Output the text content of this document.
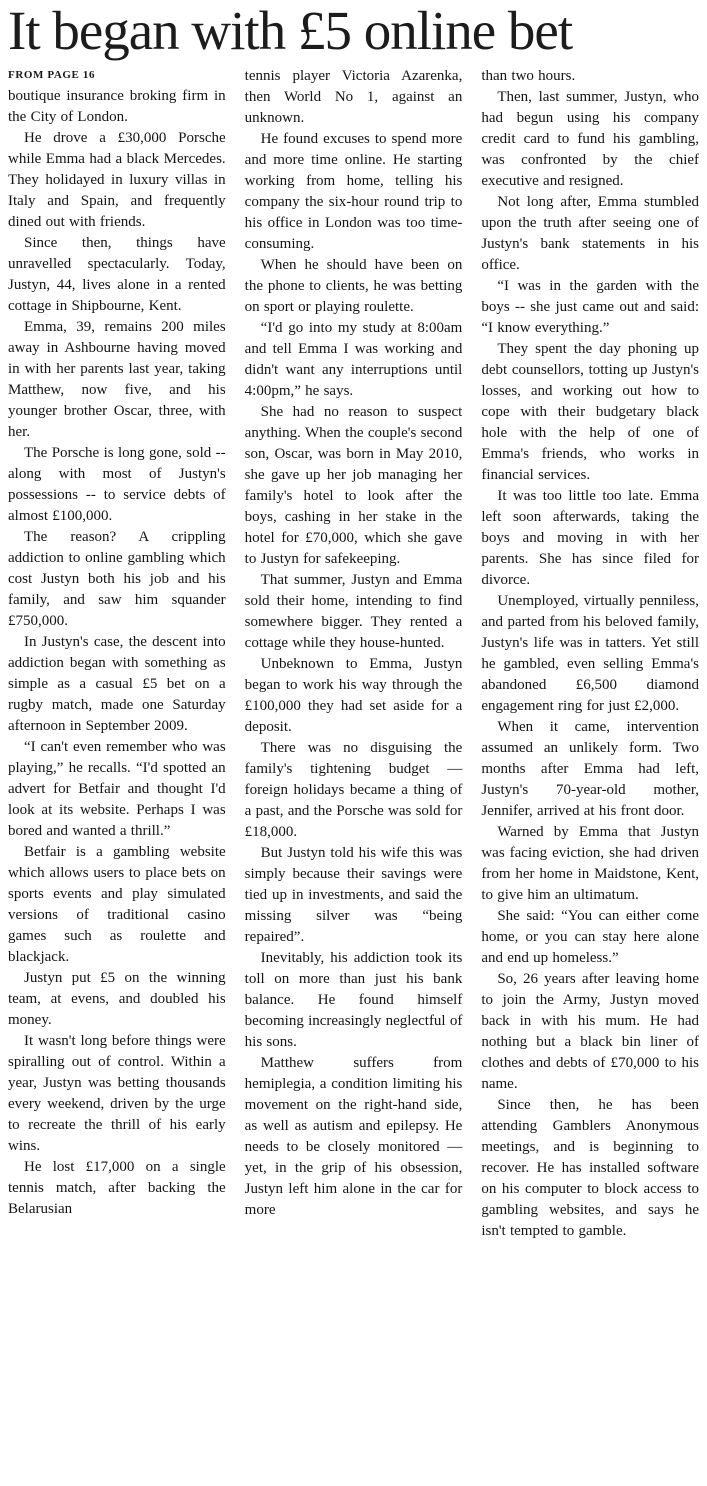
It began with £5 online bet
FROM PAGE 16

boutique insurance broking firm in the City of London.

He drove a £30,000 Porsche while Emma had a black Mercedes. They holidayed in luxury villas in Italy and Spain, and frequently dined out with friends.

Since then, things have unravelled spectacularly. Today, Justyn, 44, lives alone in a rented cottage in Shipbourne, Kent.

Emma, 39, remains 200 miles away in Ashbourne having moved in with her parents last year, taking Matthew, now five, and his younger brother Oscar, three, with her.

The Porsche is long gone, sold -- along with most of Justyn's possessions -- to service debts of almost £100,000.

The reason? A crippling addiction to online gambling which cost Justyn both his job and his family, and saw him squander £750,000.

In Justyn's case, the descent into addiction began with something as simple as a casual £5 bet on a rugby match, made one Saturday afternoon in September 2009.

“I can't even remember who was playing,” he recalls. “I'd spotted an advert for Betfair and thought I'd look at its website. Perhaps I was bored and wanted a thrill.”

Betfair is a gambling website which allows users to place bets on sports events and play simulated versions of traditional casino games such as roulette and blackjack.

Justyn put £5 on the winning team, at evens, and doubled his money.

It wasn't long before things were spiralling out of control. Within a year, Justyn was betting thousands every weekend, driven by the urge to recreate the thrill of his early wins.

He lost £17,000 on a single tennis match, after backing the Belarusian

tennis player Victoria Azarenka, then World No 1, against an unknown.

He found excuses to spend more and more time online. He starting working from home, telling his company the six-hour round trip to his office in London was too time-consuming.

When he should have been on the phone to clients, he was betting on sport or playing roulette.

“I'd go into my study at 8:00am and tell Emma I was working and didn't want any interruptions until 4:00pm,” he says.

She had no reason to suspect anything. When the couple's second son, Oscar, was born in May 2010, she gave up her job managing her family's hotel to look after the boys, cashing in her stake in the hotel for £70,000, which she gave to Justyn for safekeeping.

That summer, Justyn and Emma sold their home, intending to find somewhere bigger. They rented a cottage while they house-hunted.

Unbeknown to Emma, Justyn began to work his way through the £100,000 they had set aside for a deposit.

There was no disguising the family's tightening budget — foreign holidays became a thing of a past, and the Porsche was sold for £18,000.

But Justyn told his wife this was simply because their savings were tied up in investments, and said the missing silver was “being repaired”.

Inevitably, his addiction took its toll on more than just his bank balance. He found himself becoming increasingly neglectful of his sons.

Matthew suffers from hemiplegia, a condition limiting his movement on the right-hand side, as well as autism and epilepsy. He needs to be closely monitored — yet, in the grip of his obsession, Justyn left him alone in the car for more

than two hours.

Then, last summer, Justyn, who had begun using his company credit card to fund his gambling, was confronted by the chief executive and resigned.

Not long after, Emma stumbled upon the truth after seeing one of Justyn's bank statements in his office.

“I was in the garden with the boys -- she just came out and said: “I know everything.”

They spent the day phoning up debt counsellors, totting up Justyn's losses, and working out how to cope with their budgetary black hole with the help of one of Emma's friends, who works in financial services.

It was too little too late. Emma left soon afterwards, taking the boys and moving in with her parents. She has since filed for divorce.

Unemployed, virtually penniless, and parted from his beloved family, Justyn's life was in tatters. Yet still he gambled, even selling Emma's abandoned £6,500 diamond engagement ring for just £2,000.

When it came, intervention assumed an unlikely form. Two months after Emma had left, Justyn's 70-year-old mother, Jennifer, arrived at his front door.

Warned by Emma that Justyn was facing eviction, she had driven from her home in Maidstone, Kent, to give him an ultimatum.

She said: “You can either come home, or you can stay here alone and end up homeless.”

So, 26 years after leaving home to join the Army, Justyn moved back in with his mum. He had nothing but a black bin liner of clothes and debts of £70,000 to his name.

Since then, he has been attending Gamblers Anonymous meetings, and is beginning to recover. He has installed software on his computer to block access to gambling websites, and says he isn't tempted to gamble.
